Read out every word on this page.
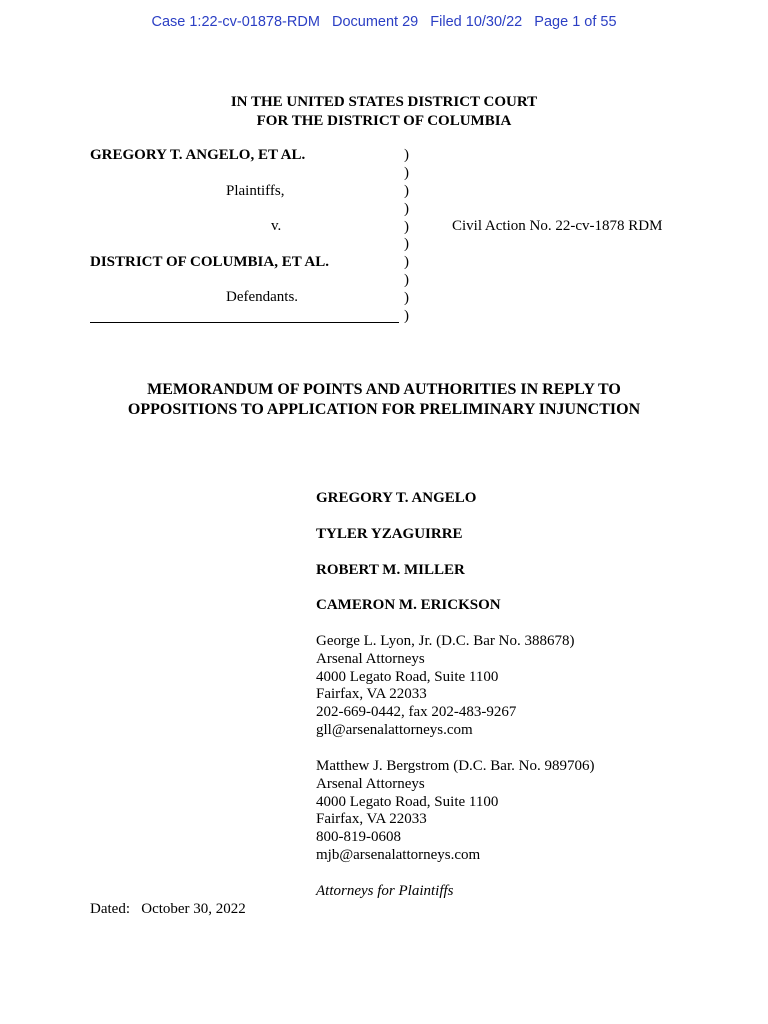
Case 1:22-cv-01878-RDM   Document 29   Filed 10/30/22   Page 1 of 55
IN THE UNITED STATES DISTRICT COURT
FOR THE DISTRICT OF COLUMBIA
GREGORY T. ANGELO, ET AL.
Plaintiffs,
v.
DISTRICT OF COLUMBIA, ET AL.
Defendants.
)
)
)
)
)
)
)
)
)
)
Civil Action No. 22-cv-1878 RDM
MEMORANDUM OF POINTS AND AUTHORITIES IN REPLY TO
OPPOSITIONS TO APPLICATION FOR PRELIMINARY INJUNCTION
GREGORY T. ANGELO
TYLER YZAGUIRRE
ROBERT M. MILLER
CAMERON M. ERICKSON
George L. Lyon, Jr. (D.C. Bar No. 388678)
Arsenal Attorneys
4000 Legato Road, Suite 1100
Fairfax, VA 22033
202-669-0442, fax 202-483-9267
gll@arsenalattorneys.com
Matthew J. Bergstrom (D.C. Bar. No. 989706)
Arsenal Attorneys
4000 Legato Road, Suite 1100
Fairfax, VA 22033
800-819-0608
mjb@arsenalattorneys.com
Attorneys for Plaintiffs
Dated:   October 30, 2022
